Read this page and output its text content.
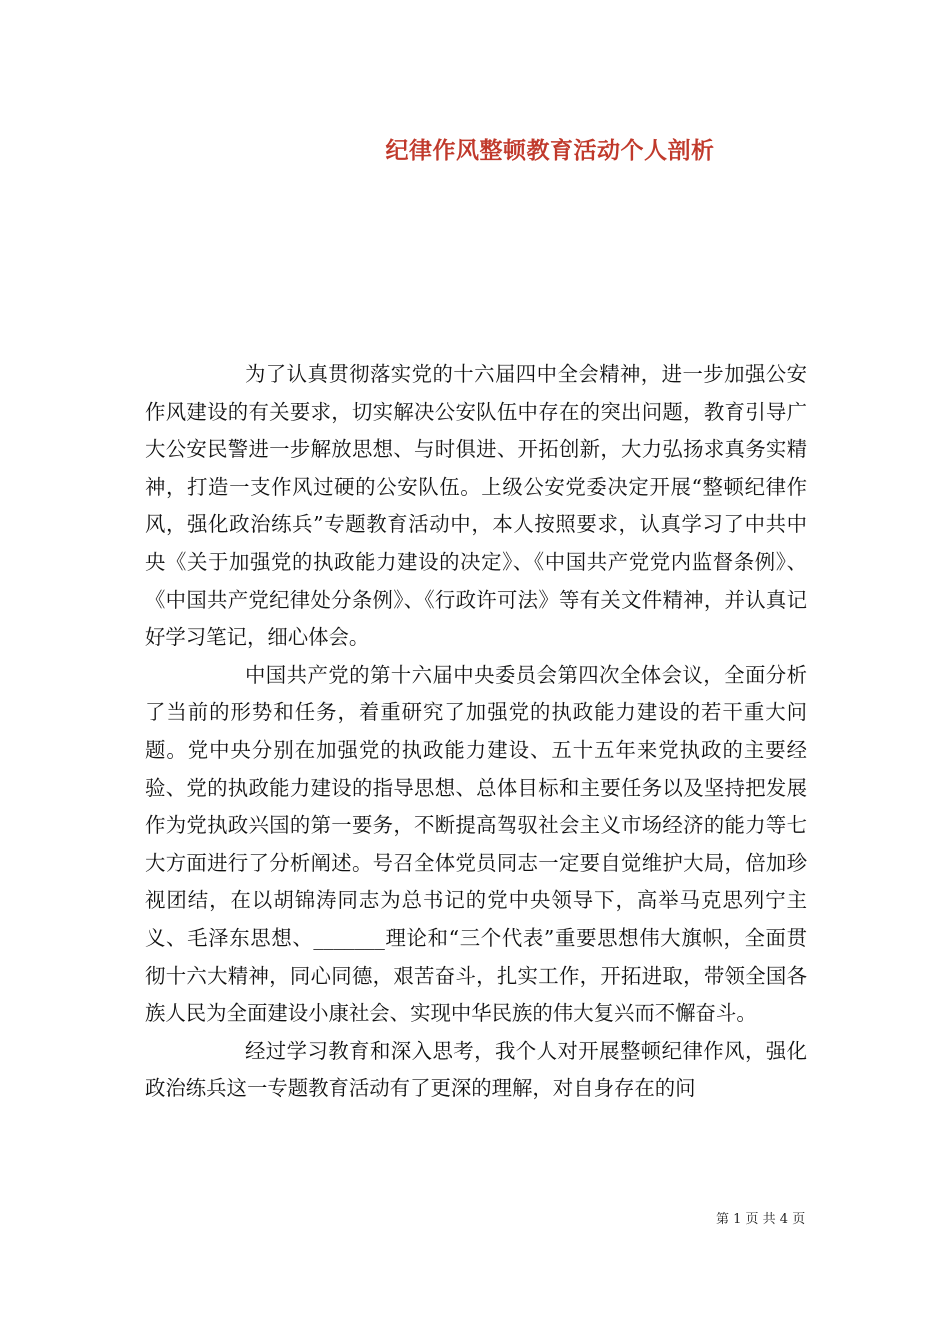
纪律作风整顿教育活动个人剖析

为了认真贯彻落实党的十六届四中全会精神，进一步加强公安作风建设的有关要求，切实解决公安队伍中存在的突出问题，教育引导广大公安民警进一步解放思想、与时俱进、开拓创新，大力弘扬求真务实精神，打造一支作风过硬的公安队伍。上级公安党委决定开展“整顿纪律作风，强化政治练兵”专题教育活动中，本人按照要求，认真学习了中共中央《关于加强党的执政能力建设的决定》、《中国共产党党内监督条例》、《中国共产党纪律处分条例》、《行政许可法》等有关文件精神，并认真记好学习笔记，细心体会。

中国共产党的第十六届中央委员会第四次全体会议，全面分析了当前的形势和任务，着重研究了加强党的执政能力建设的若干重大问题。党中央分别在加强党的执政能力建设、五十五年来党执政的主要经验、党的执政能力建设的指导思想、总体目标和主要任务以及坚持把发展作为党执政兴国的第一要务，不断提高驾驭社会主义市场经济的能力等七大方面进行了分析阐述。号召全体党员同志一定要自觉维护大局，倍加珍视团结，在以胡锦涛同志为总书记的党中央领导下，高举马克思列宁主义、毛泽东思想、_______理论和“三个代表”重要思想伟大旗帜，全面贯彻十六大精神，同心同德，艰苦奋斗，扎实工作，开拓进取，带领全国各族人民为全面建设小康社会、实现中华民族的伟大复兴而不懈奋斗。

经过学习教育和深入思考，我个人对开展整顿纪律作风，强化政治练兵这一专题教育活动有了更深的理解，对自身存在的问

第 1 页 共 4 页
